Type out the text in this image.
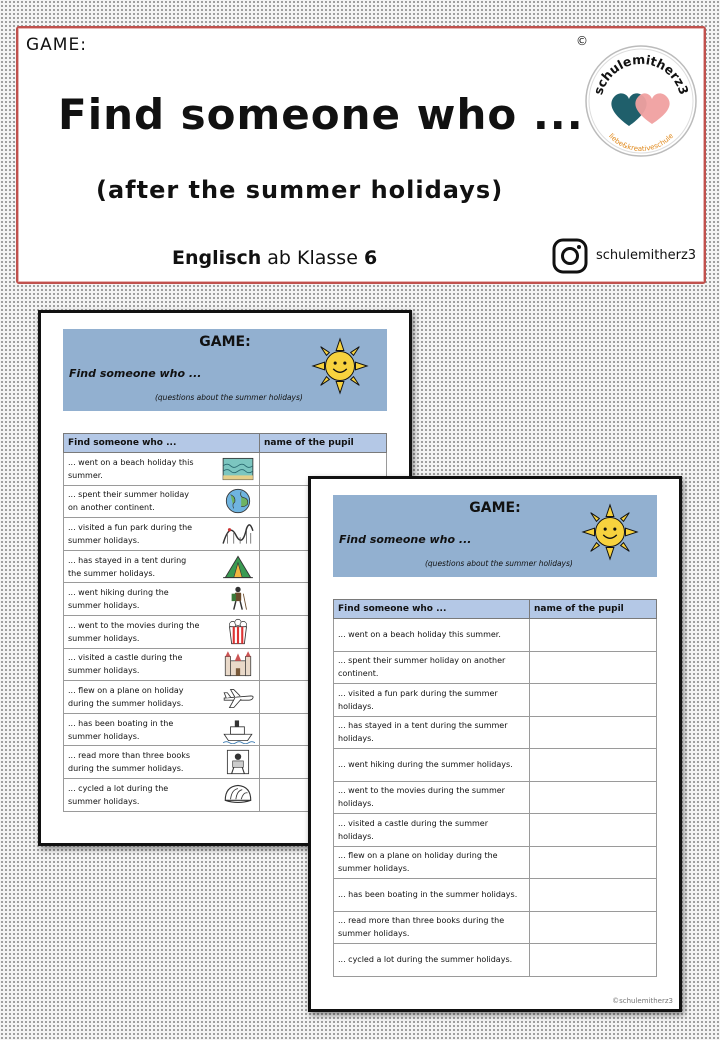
GAME:
Find someone who ...
(after the summer holidays)
Englisch ab Klasse 6
©
schulemitherz3
liebe&kreativeschule
schulemitherz3
GAME:
Find someone who ...
(questions about the summer holidays)
Find someone who ...	name of the pupil

... went on a beach holiday this summer.	

... spent their summer holiday on another continent.	

... visited a fun park during the summer holidays.	

... has stayed in a tent during the summer holidays.	

... went hiking during the summer holidays.	

... went to the movies during the summer holidays.	

... visited a castle during the summer holidays.	

... flew on a plane on holiday during the summer holidays.	

... has been boating in the summer holidays.	

... read more than three books during the summer holidays.	

... cycled a lot during the summer holidays.	

GAME:
Find someone who ...
(questions about the summer holidays)
Find someone who ...	name of the pupil
... went on a beach holiday this summer.	
... spent their summer holiday on another continent.	
... visited a fun park during the summer holidays.	
... has stayed in a tent during the summer holidays.	
... went hiking during the summer holidays.	
... went to the movies during the summer holidays.	
... visited a castle during the summer holidays.	
... flew on a plane on holiday during the summer holidays.	
... has been boating in the summer holidays.	
... read more than three books during the summer holidays.	
... cycled a lot during the summer holidays.	
©schulemitherz3
